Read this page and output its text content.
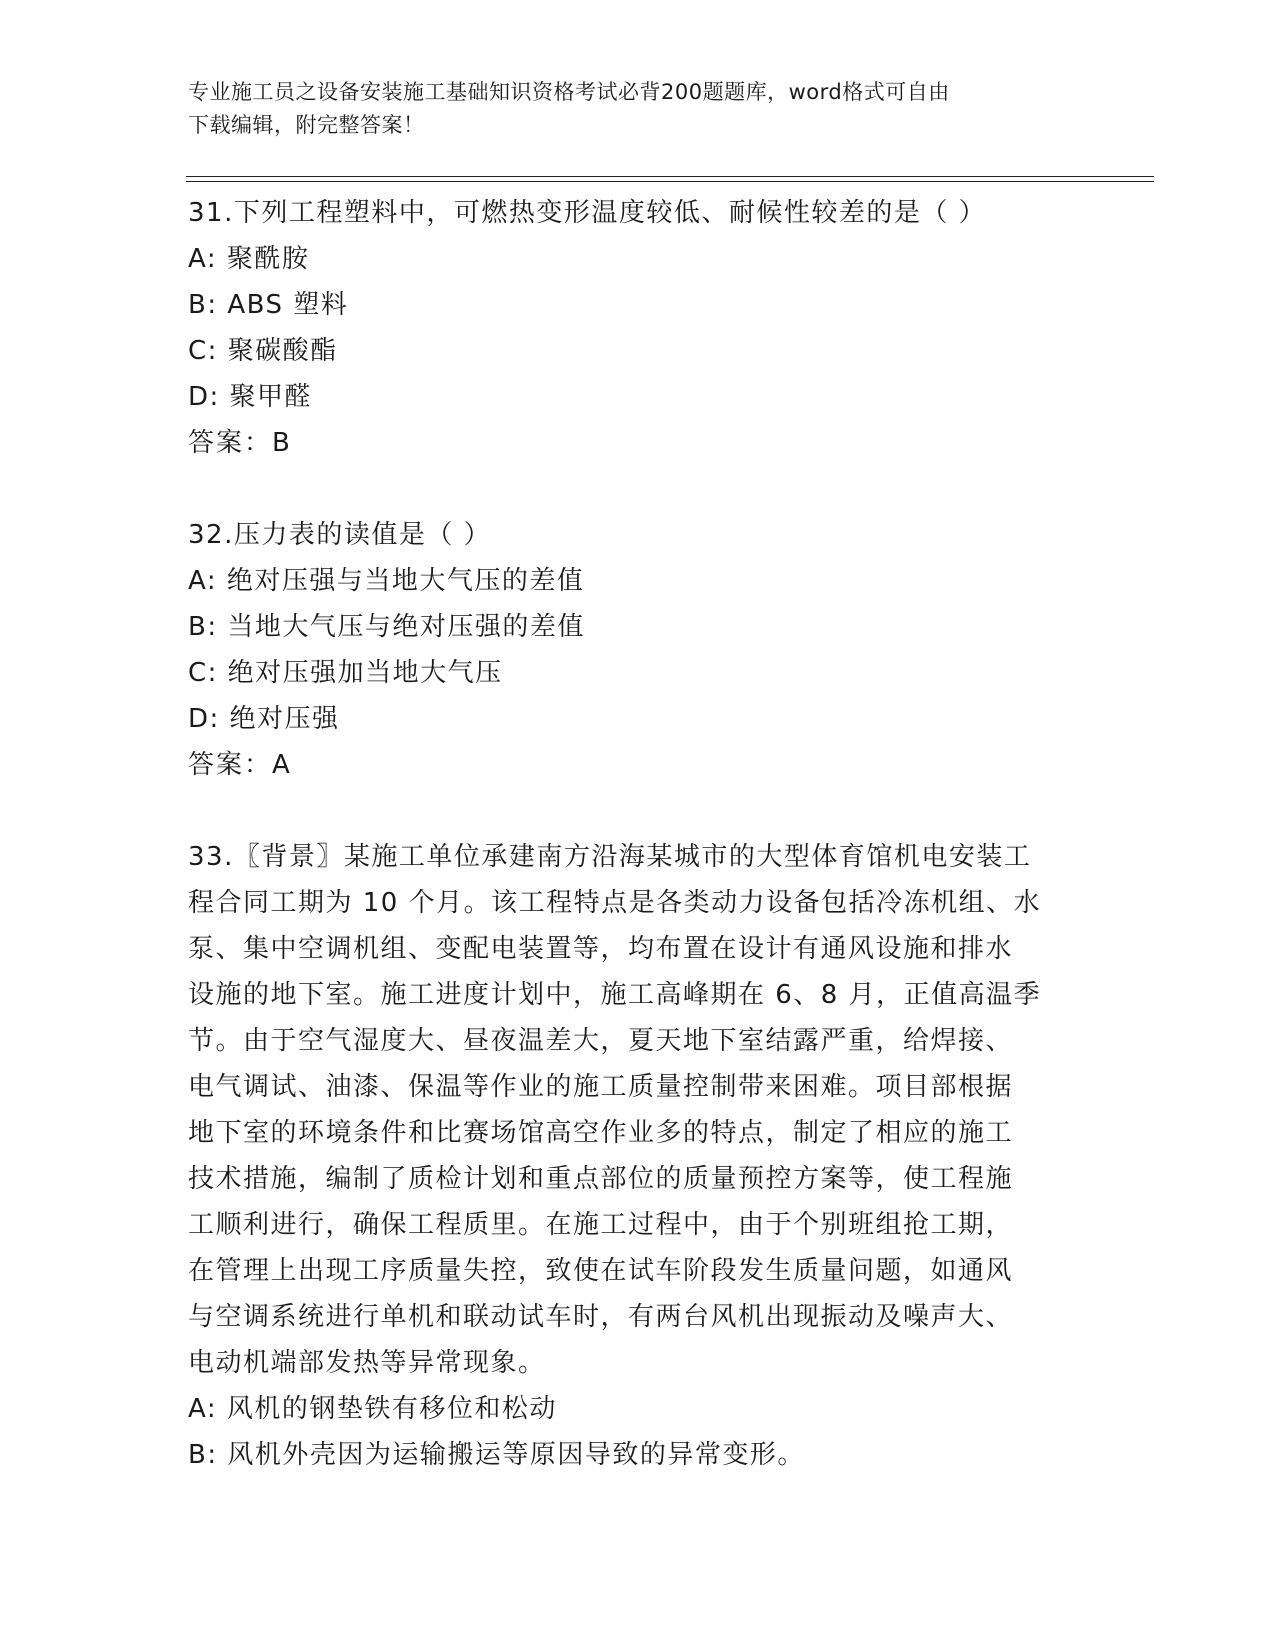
专业施工员之设备安装施工基础知识资格考试必背200题题库，word格式可自由
下载编辑，附完整答案！
31.下列工程塑料中，可燃热变形温度较低、耐候性较差的是（ ）
A: 聚酰胺
B: ABS 塑料
C: 聚碳酸酯
D: 聚甲醛
答案：B
32.压力表的读值是（ ）
A: 绝对压强与当地大气压的差值
B: 当地大气压与绝对压强的差值
C: 绝对压强加当地大气压
D: 绝对压强
答案：A
33.〖背景〗某施工单位承建南方沿海某城市的大型体育馆机电安装工
程合同工期为 10 个月。该工程特点是各类动力设备包括冷冻机组、水
泵、集中空调机组、变配电装置等，均布置在设计有通风设施和排水
设施的地下室。施工进度计划中，施工高峰期在 6、8 月，正值高温季
节。由于空气湿度大、昼夜温差大，夏天地下室结露严重，给焊接、
电气调试、油漆、保温等作业的施工质量控制带来困难。项目部根据
地下室的环境条件和比赛场馆高空作业多的特点，制定了相应的施工
技术措施，编制了质检计划和重点部位的质量预控方案等，使工程施
工顺利进行，确保工程质里。在施工过程中，由于个别班组抢工期，
在管理上出现工序质量失控，致使在试车阶段发生质量问题，如通风
与空调系统进行单机和联动试车时，有两台风机出现振动及噪声大、
电动机端部发热等异常现象。
A: 风机的钢垫铁有移位和松动
B: 风机外壳因为运输搬运等原因导致的异常变形。
